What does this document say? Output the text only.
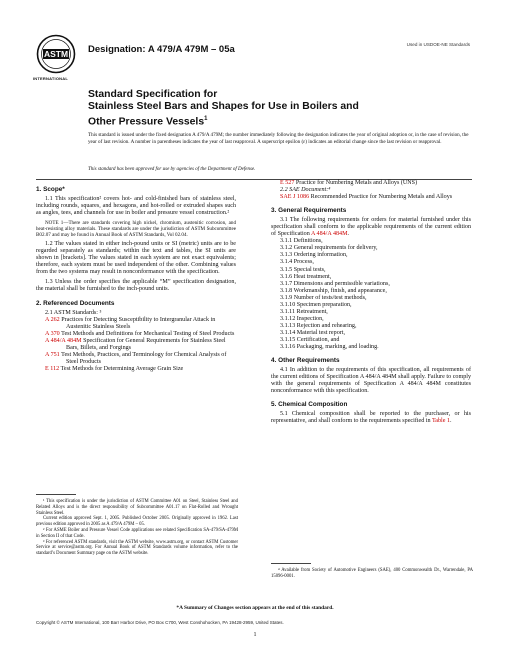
ASTM
INTERNATIONAL
Designation: A 479/A 479M – 05a	Used in USDOE-NE Standards
Standard Specification for
Stainless Steel Bars and Shapes for Use in Boilers and
Other Pressure Vessels$^1$
This standard is issued under the fixed designation A 479/A 479M; the number immediately following the designation indicates the year of original adoption or, in the case of revision, the year of last revision. A number in parentheses indicates the year of last reapproval. A superscript epsilon (ε) indicates an editorial change since the last revision or reapproval.
This standard has been approved for use by agencies of the Department of Defense.

1. Scope*

1.1 This specification² covers hot- and cold-finished bars of stainless steel, including rounds, squares, and hexagons, and hot-rolled or extruded shapes such as angles, tees, and channels for use in boiler and pressure vessel construction.²

NOTE 1—There are standards covering high nickel, chromium, austenitic corrosion, and heat-resisting alloy materials. These standards are under the jurisdiction of ASTM Subcommittee B02.07 and may be found in Annual Book of ASTM Standards, Vol 02.04.

1.2 The values stated in either inch-pound units or SI (metric) units are to be regarded separately as standards; within the text and tables, the SI units are shown in [brackets]. The values stated in each system are not exact equivalents; therefore, each system must be used independent of the other. Combining values from the two systems may result in nonconformance with the specification.

1.3 Unless the order specifies the applicable “M” specification designation, the material shall be furnished to the inch-pound units.

2. Referenced Documents

2.1 ASTM Standards: ³

A 262 Practices for Detecting Susceptibility to Intergranular Attack in Austenitic Stainless Steels

A 370 Test Methods and Definitions for Mechanical Testing of Steel Products

A 484/A 484M Specification for General Requirements for Stainless Steel Bars, Billets, and Forgings

A 751 Test Methods, Practices, and Terminology for Chemical Analysis of Steel Products

E 112 Test Methods for Determining Average Grain Size

¹ This specification is under the jurisdiction of ASTM Committee A01 on Steel, Stainless Steel and Related Alloys and is the direct responsibility of Subcommittee A01.17 on Flat-Rolled and Wrought Stainless Steel.

Current edition approved Sept. 1, 2005. Published October 2005. Originally approved in 1962. Last previous edition approved in 2005 as A 479/A 479M – 05.

² For ASME Boiler and Pressure Vessel Code applications see related Specification SA-479/SA-479M in Section II of that Code.

³ For referenced ASTM standards, visit the ASTM website, www.astm.org, or contact ASTM Customer Service at service@astm.org. For Annual Book of ASTM Standards volume information, refer to the standard’s Document Summary page on the ASTM website.

E 527 Practice for Numbering Metals and Alloys (UNS)

2.2 SAE Document:⁴

SAE J 1086 Recommended Practice for Numbering Metals and Alloys

3. General Requirements

3.1 The following requirements for orders for material furnished under this specification shall conform to the applicable requirements of the current edition of Specification A 484/A 484M.

3.1.1 Definitions,

3.1.2 General requirements for delivery,

3.1.3 Ordering information,

3.1.4 Process,

3.1.5 Special tests,

3.1.6 Heat treatment,

3.1.7 Dimensions and permissible variations,

3.1.8 Workmanship, finish, and appearance,

3.1.9 Number of tests/test methods,

3.1.10 Specimen preparation,

3.1.11 Retreatment,

3.1.12 Inspection,

3.1.13 Rejection and rehearing,

3.1.14 Material test report,

3.1.15 Certification, and

3.1.16 Packaging, marking, and loading.

4. Other Requirements

4.1 In addition to the requirements of this specification, all requirements of the current editions of Specification A 484/A 484M shall apply. Failure to comply with the general requirements of Specification A 484/A 484M constitutes nonconformance with this specification.

5. Chemical Composition

5.1 Chemical composition shall be reported to the purchaser, or his representative, and shall conform to the requirements specified in Table 1.

⁴ Available from Society of Automotive Engineers (SAE), 400 Commonwealth Dr., Warrendale, PA 15096-0001.

*A Summary of Changes section appears at the end of this standard.
Copyright © ASTM International, 100 Barr Harbor Drive, PO Box C700, West Conshohocken, PA 19428-2959, United States.
1
